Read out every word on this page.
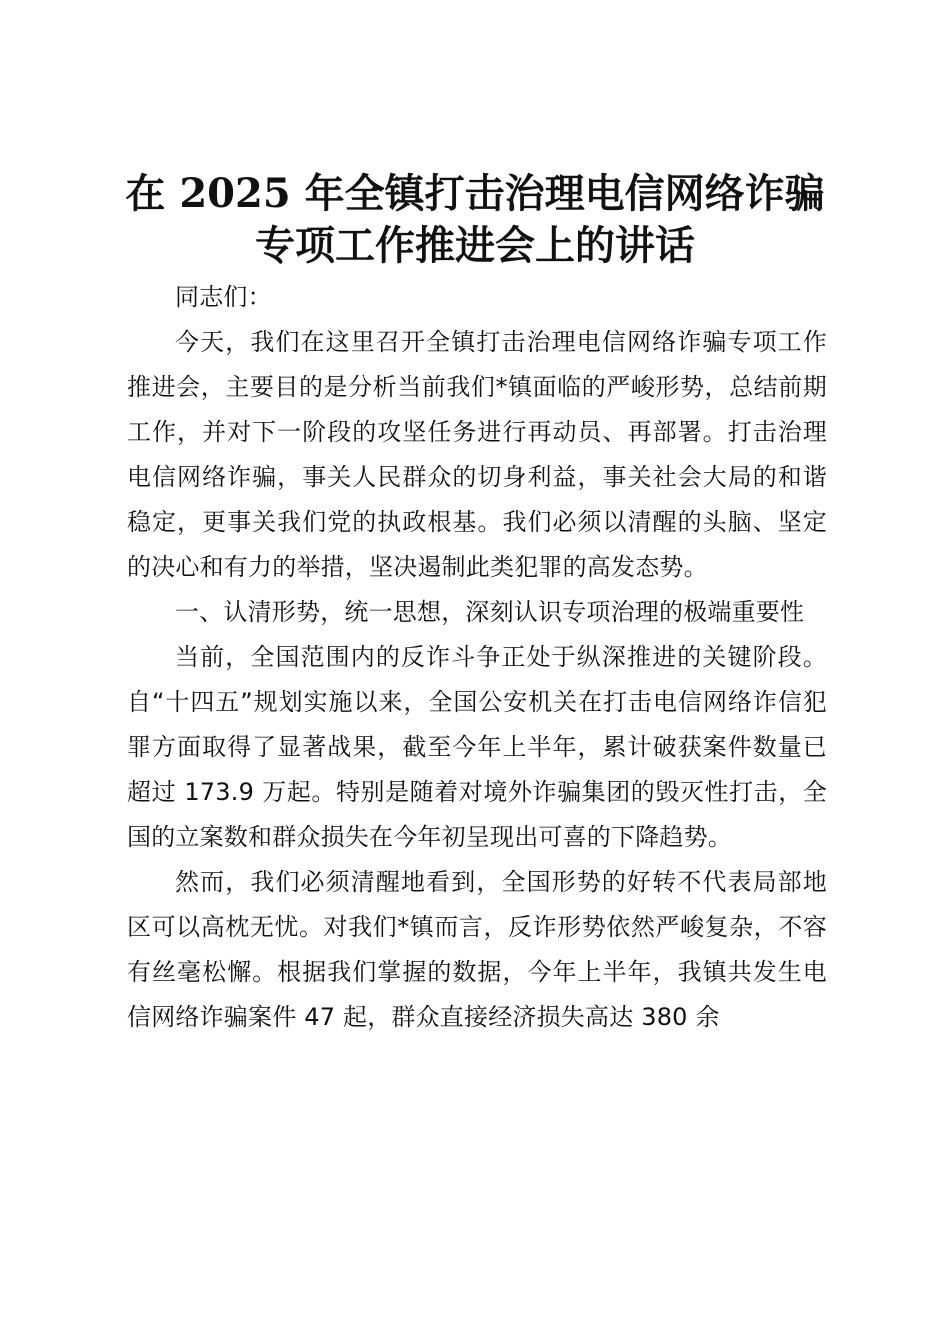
在 2025 年全镇打击治理电信网络诈骗
专项工作推进会上的讲话

同志们：

今天，我们在这里召开全镇打击治理电信网络诈骗专项工作推进会，主要目的是分析当前我们*镇面临的严峻形势，总结前期工作，并对下一阶段的攻坚任务进行再动员、再部署。打击治理电信网络诈骗，事关人民群众的切身利益，事关社会大局的和谐稳定，更事关我们党的执政根基。我们必须以清醒的头脑、坚定的决心和有力的举措，坚决遏制此类犯罪的高发态势。

一、认清形势，统一思想，深刻认识专项治理的极端重要性

当前，全国范围内的反诈斗争正处于纵深推进的关键阶段。自“十四五”规划实施以来，全国公安机关在打击电信网络诈信犯罪方面取得了显著战果，截至今年上半年，累计破获案件数量已超过 173.9 万起。特别是随着对境外诈骗集团的毁灭性打击，全国的立案数和群众损失在今年初呈现出可喜的下降趋势。

然而，我们必须清醒地看到，全国形势的好转不代表局部地区可以高枕无忧。对我们*镇而言，反诈形势依然严峻复杂，不容有丝毫松懈。根据我们掌握的数据，今年上半年，我镇共发生电信网络诈骗案件 47 起，群众直接经济损失高达 380 余
